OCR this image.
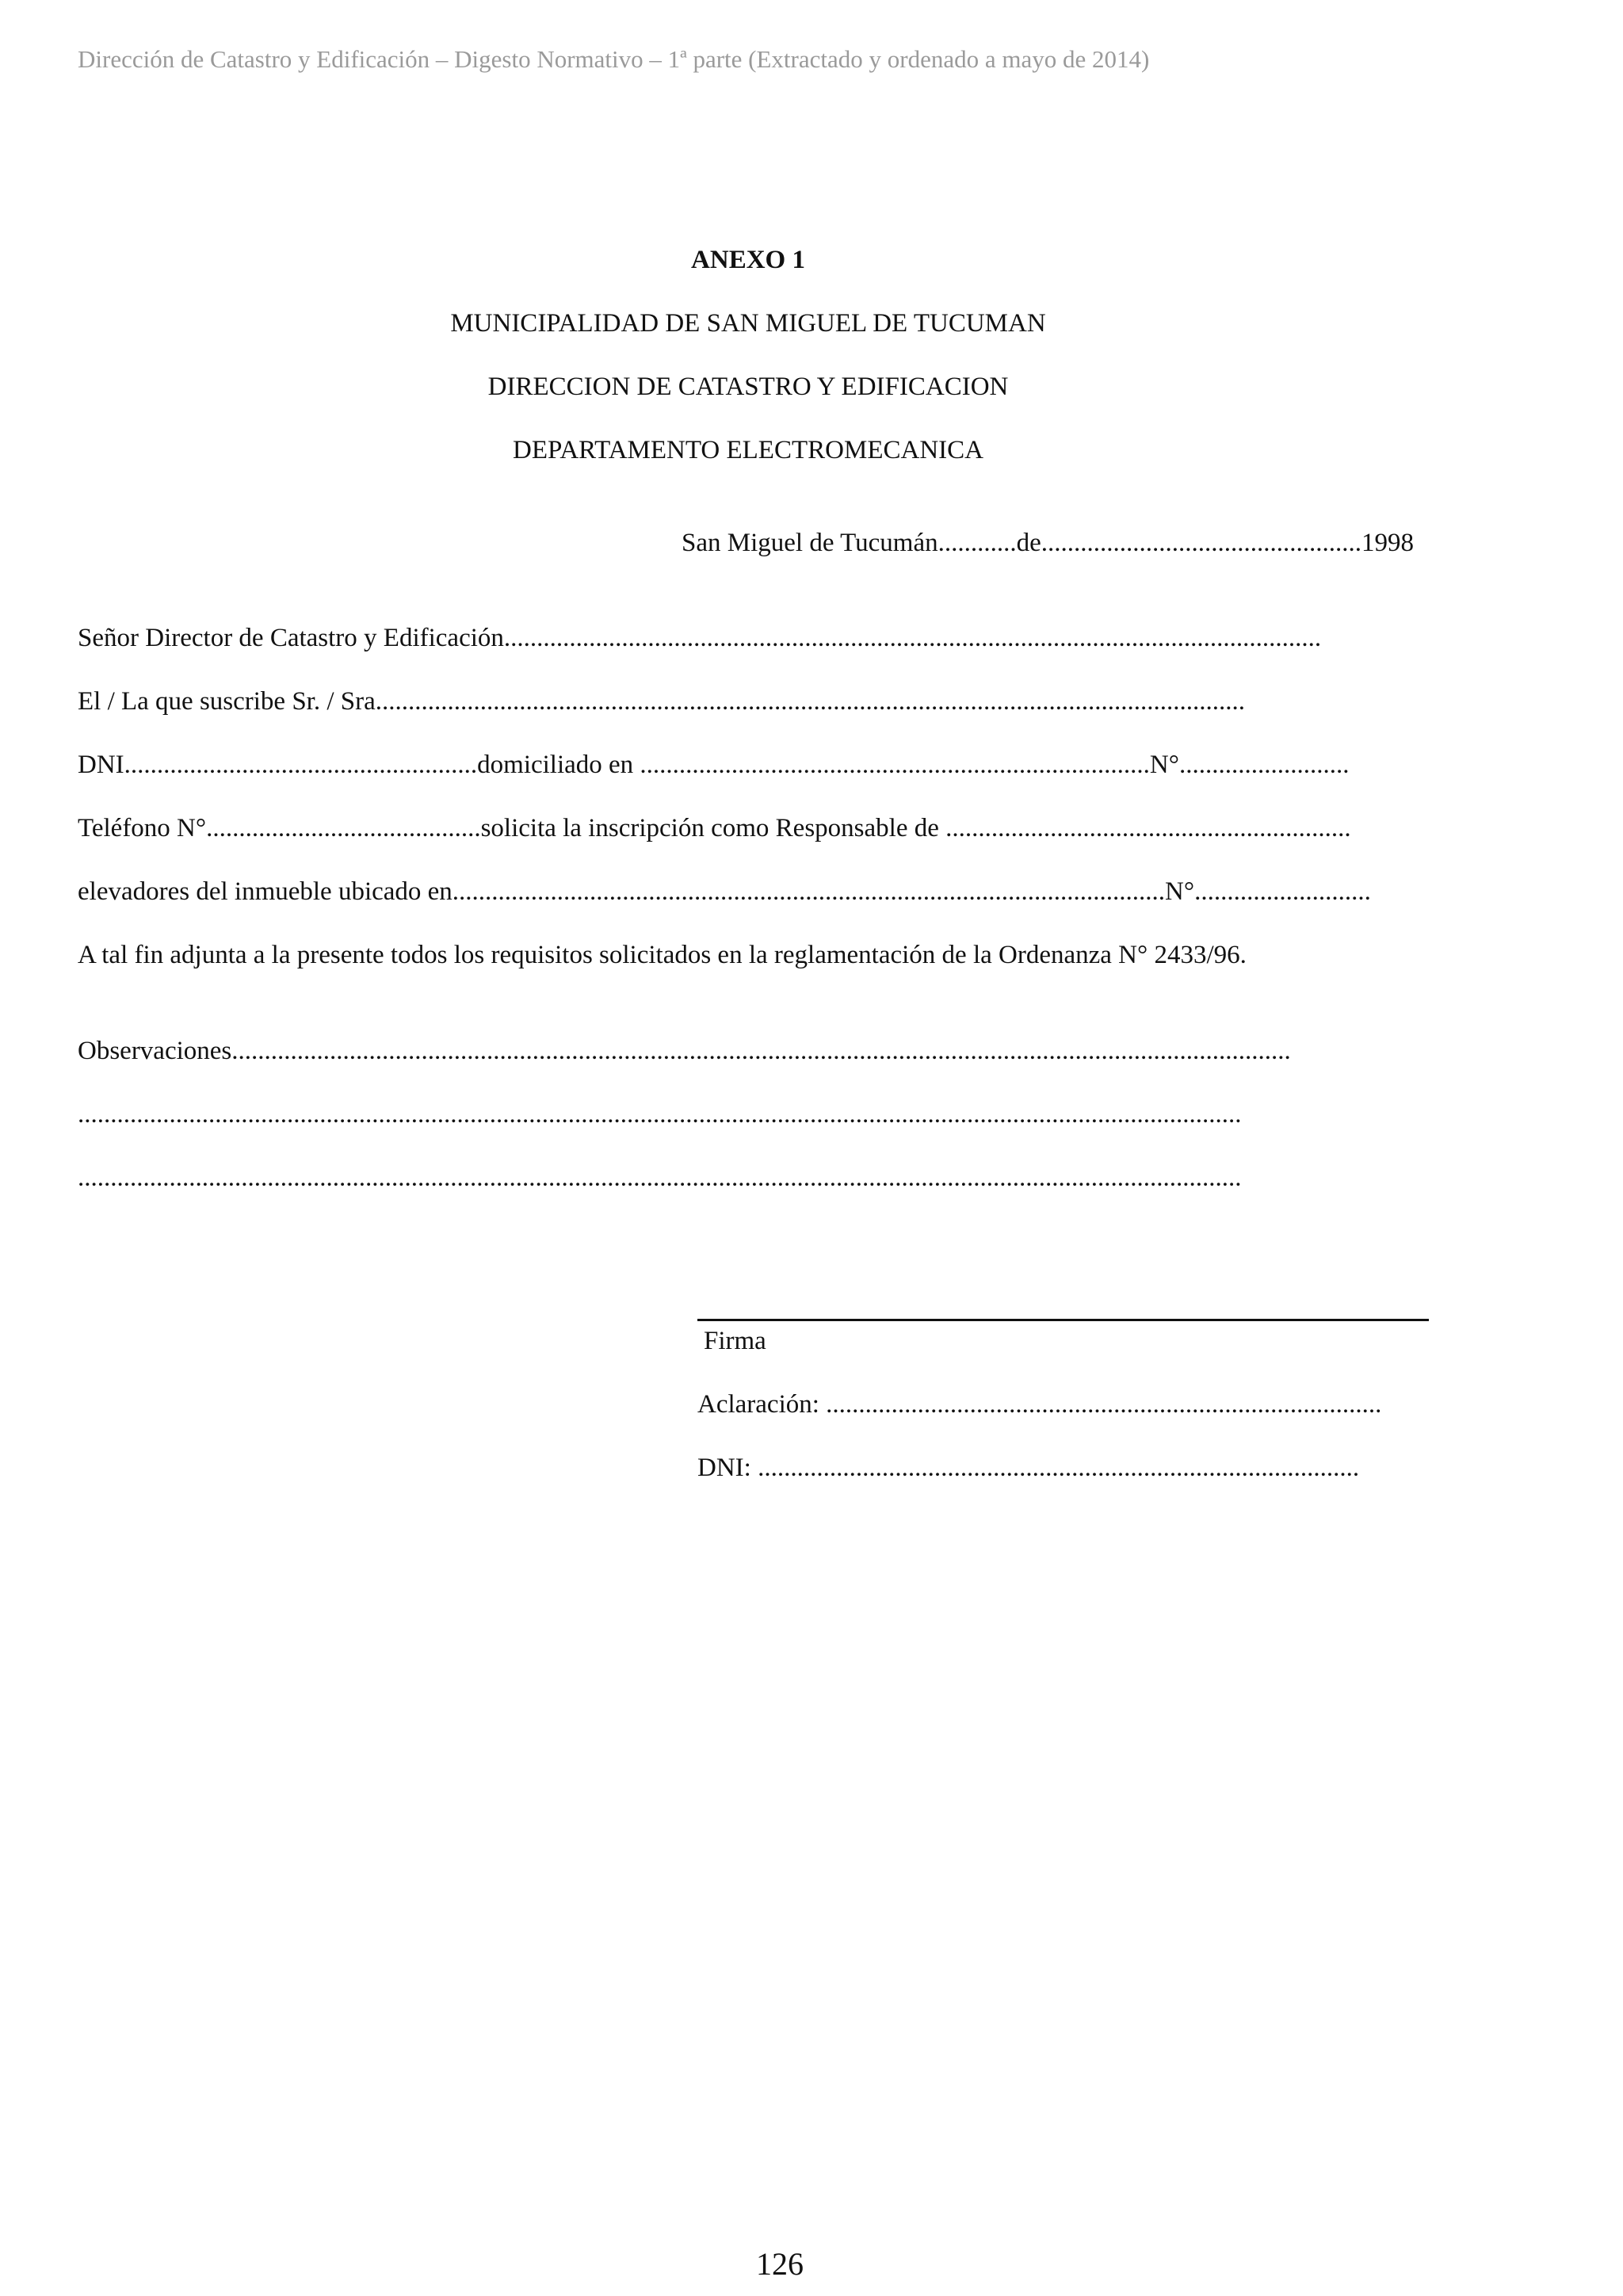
Dirección de Catastro y Edificación – Digesto Normativo – 1ª parte (Extractado y ordenado a mayo de 2014)
ANEXO 1
MUNICIPALIDAD DE SAN MIGUEL DE TUCUMAN
DIRECCION DE CATASTRO Y EDIFICACION
DEPARTAMENTO ELECTROMECANICA
San Miguel de Tucumán............de.................................................1998
Señor Director de Catastro y Edificación.............................................................................................................................
El / La que suscribe Sr. / Sra.....................................................................................................................................
DNI......................................................domiciliado en ..............................................................................N°..........................
Teléfono N°..........................................solicita la inscripción como Responsable de ..............................................................
elevadores del inmueble ubicado en.............................................................................................................N°...........................
A tal fin adjunta a la presente todos los requisitos solicitados en la reglamentación de la Ordenanza N° 2433/96.
Observaciones..................................................................................................................................................................
..................................................................................................................................................................................
..................................................................................................................................................................................
Firma
Aclaración: .....................................................................................
DNI: ............................................................................................
126
